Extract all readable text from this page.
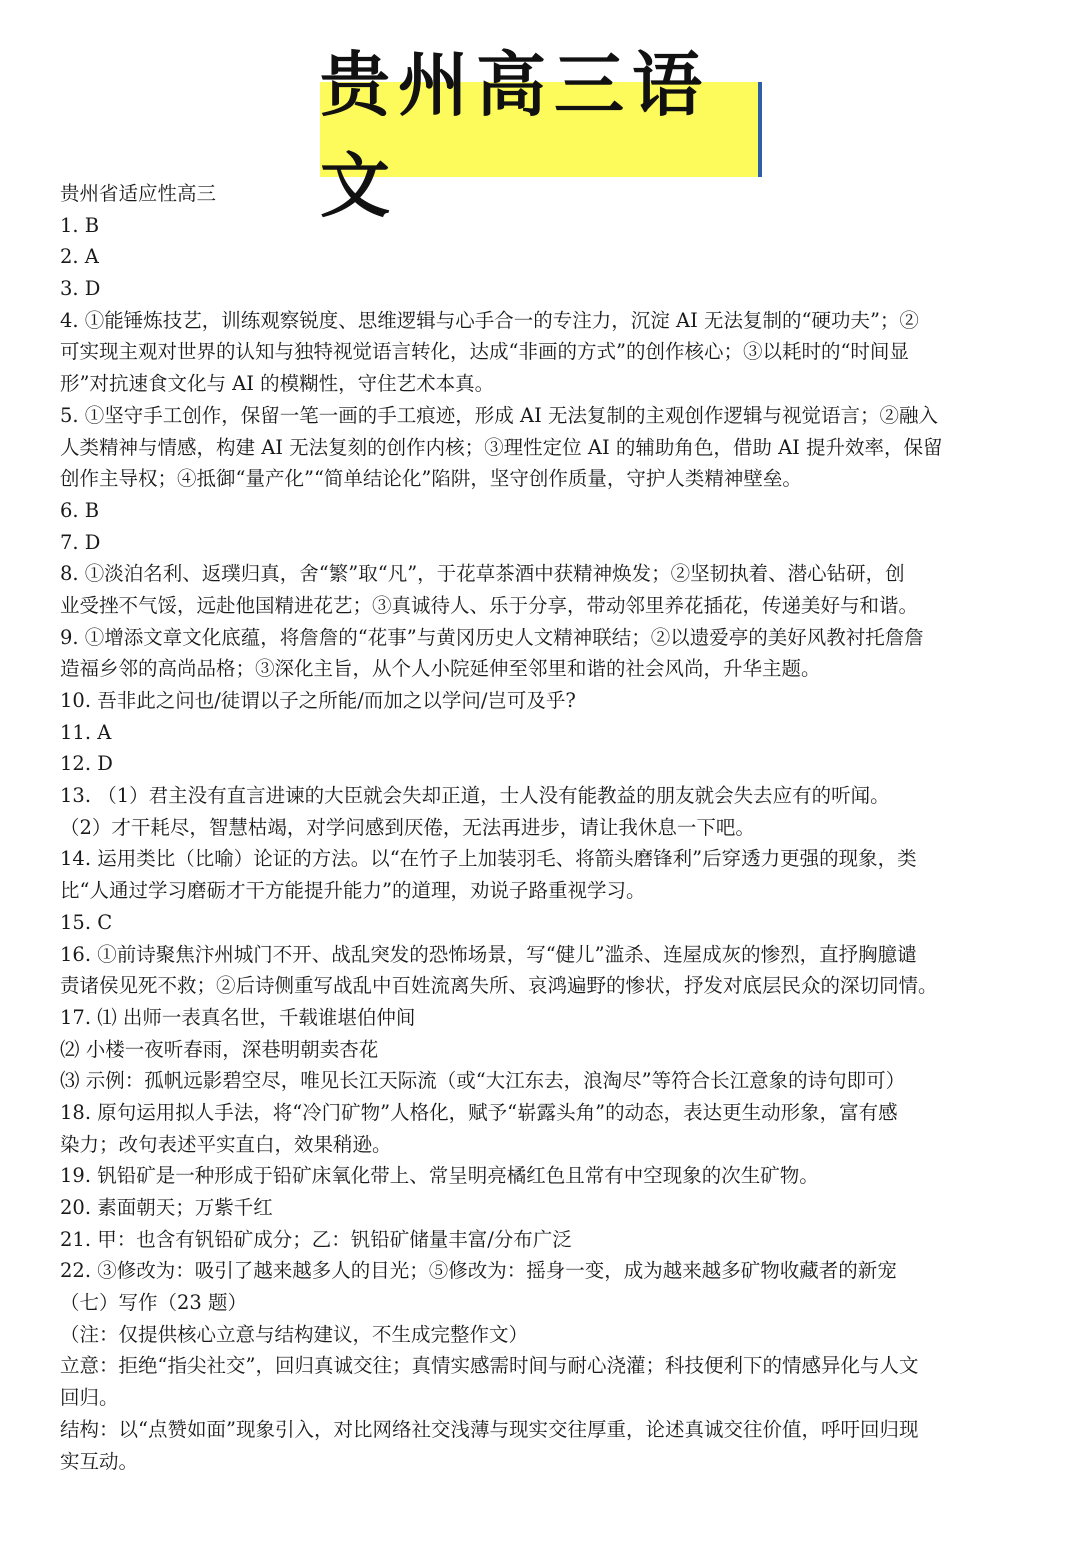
贵州高三语文
贵州省适应性高三
1. B
2. A
3. D
4. ①能锤炼技艺，训练观察锐度、思维逻辑与心手合一的专注力，沉淀 AI 无法复制的“硬功夫”；②
可实现主观对世界的认知与独特视觉语言转化，达成“非画的方式”的创作核心；③以耗时的“时间显
形”对抗速食文化与 AI 的模糊性，守住艺术本真。
5. ①坚守手工创作，保留一笔一画的手工痕迹，形成 AI 无法复制的主观创作逻辑与视觉语言；②融入
人类精神与情感，构建 AI 无法复刻的创作内核；③理性定位 AI 的辅助角色，借助 AI 提升效率，保留
创作主导权；④抵御“量产化”“简单结论化”陷阱，坚守创作质量，守护人类精神壁垒。
6. B
7. D
8. ①淡泊名利、返璞归真，舍“繁”取“凡”，于花草茶酒中获精神焕发；②坚韧执着、潜心钻研，创
业受挫不气馁，远赴他国精进花艺；③真诚待人、乐于分享，带动邻里养花插花，传递美好与和谐。
9. ①增添文章文化底蕴，将詹詹的“花事”与黄冈历史人文精神联结；②以遗爱亭的美好风教衬托詹詹
造福乡邻的高尚品格；③深化主旨，从个人小院延伸至邻里和谐的社会风尚，升华主题。
10. 吾非此之问也/徒谓以子之所能/而加之以学问/岂可及乎?
11. A
12. D
13. （1）君主没有直言进谏的大臣就会失却正道，士人没有能教益的朋友就会失去应有的听闻。
（2）才干耗尽，智慧枯竭，对学问感到厌倦，无法再进步，请让我休息一下吧。
14. 运用类比（比喻）论证的方法。以“在竹子上加装羽毛、将箭头磨锋利”后穿透力更强的现象，类
比“人通过学习磨砺才干方能提升能力”的道理，劝说子路重视学习。
15. C
16. ①前诗聚焦汴州城门不开、战乱突发的恐怖场景，写“健儿”滥杀、连屋成灰的惨烈，直抒胸臆谴
责诸侯见死不救；②后诗侧重写战乱中百姓流离失所、哀鸿遍野的惨状，抒发对底层民众的深切同情。
17. ⑴ 出师一表真名世，千载谁堪伯仲间
⑵ 小楼一夜听春雨，深巷明朝卖杏花
⑶ 示例：孤帆远影碧空尽，唯见长江天际流（或“大江东去，浪淘尽”等符合长江意象的诗句即可）
18. 原句运用拟人手法，将“冷门矿物”人格化，赋予“崭露头角”的动态，表达更生动形象，富有感
染力；改句表述平实直白，效果稍逊。
19. 钒铅矿是一种形成于铅矿床氧化带上、常呈明亮橘红色且常有中空现象的次生矿物。
20. 素面朝天；万紫千红
21. 甲：也含有钒铅矿成分；乙：钒铅矿储量丰富/分布广泛
22. ③修改为：吸引了越来越多人的目光；⑤修改为：摇身一变，成为越来越多矿物收藏者的新宠
（七）写作（23 题）
（注：仅提供核心立意与结构建议，不生成完整作文）
立意：拒绝“指尖社交”，回归真诚交往；真情实感需时间与耐心浇灌；科技便利下的情感异化与人文
回归。
结构：以“点赞如面”现象引入，对比网络社交浅薄与现实交往厚重，论述真诚交往价值，呼吁回归现
实互动。
